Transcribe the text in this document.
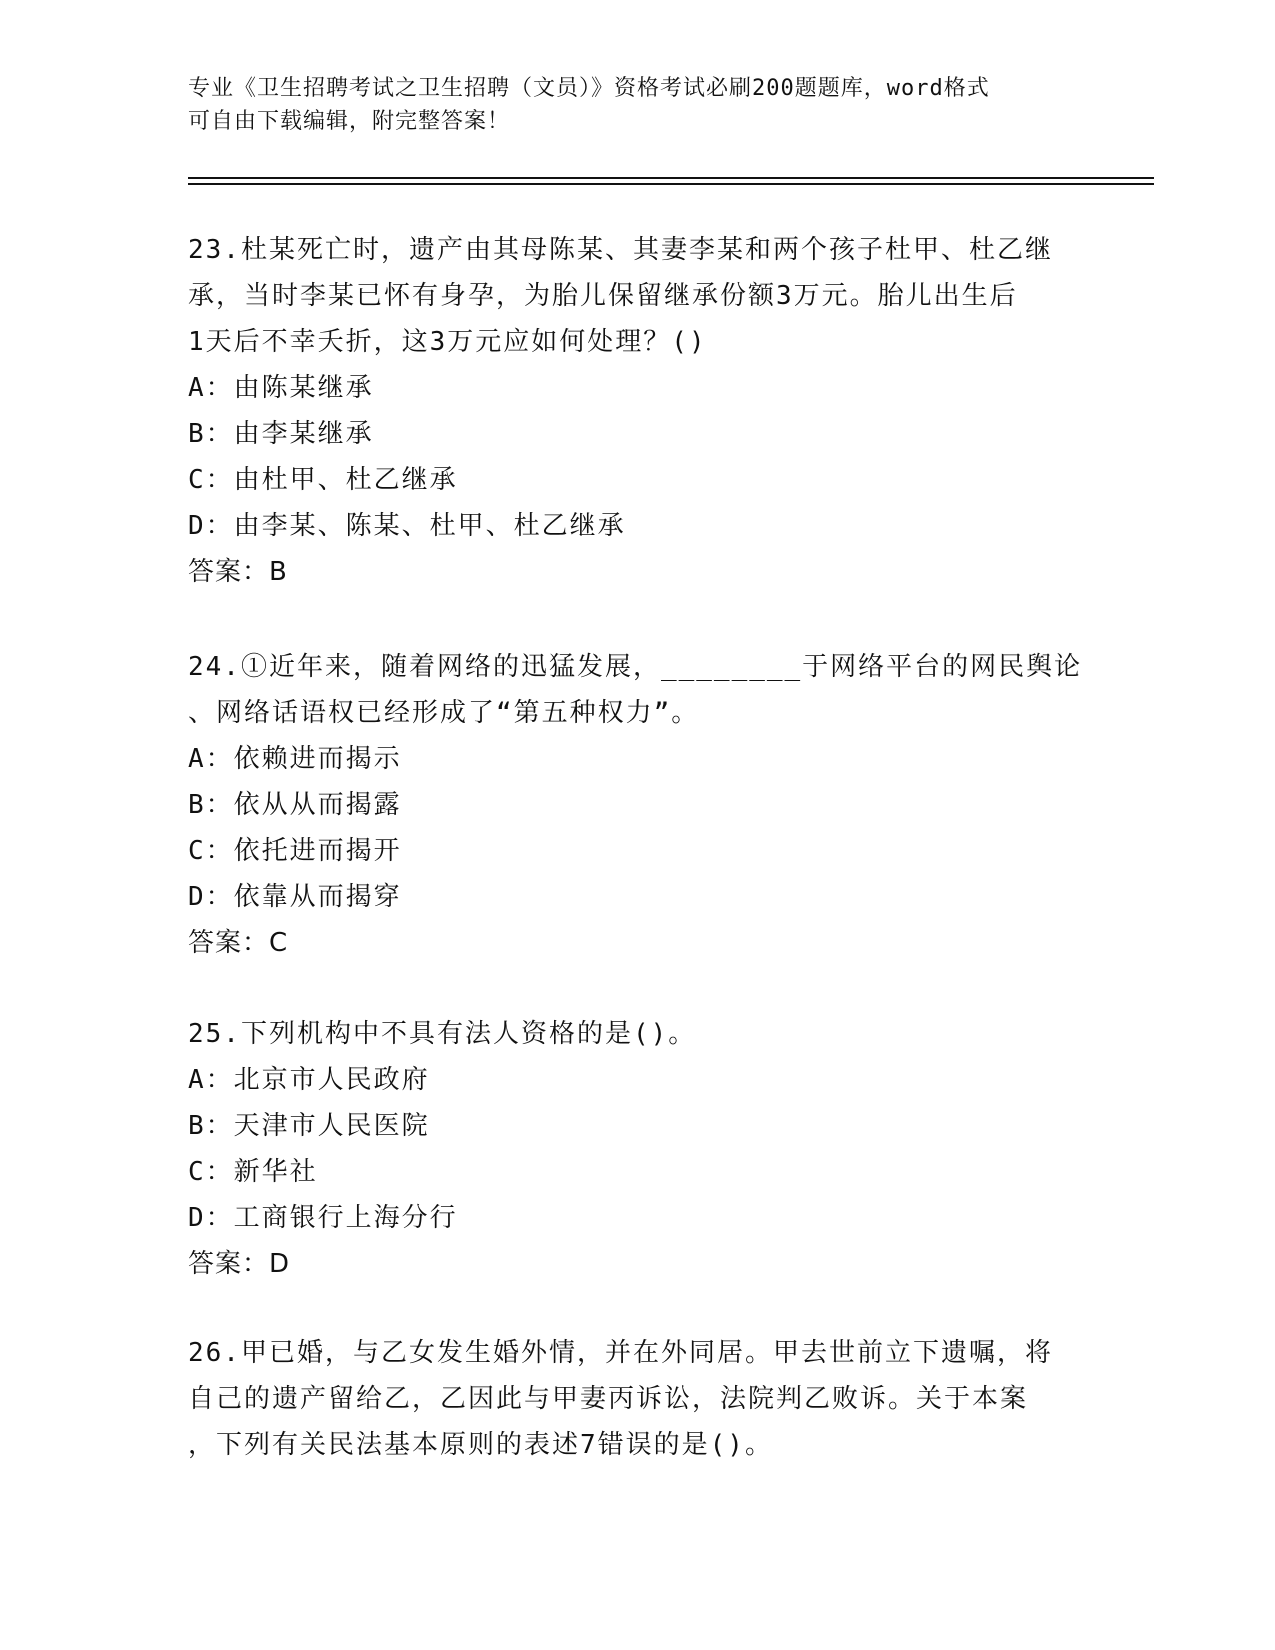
专业《卫生招聘考试之卫生招聘（文员）》资格考试必刷200题题库，word格式
可自由下载编辑，附完整答案！
23.杜某死亡时，遗产由其母陈某、其妻李某和两个孩子杜甲、杜乙继
承，当时李某已怀有身孕，为胎儿保留继承份额3万元。胎儿出生后
1天后不幸夭折，这3万元应如何处理？()
A：由陈某继承
B：由李某继承
C：由杜甲、杜乙继承
D：由李某、陈某、杜甲、杜乙继承
答案：B
24.①近年来，随着网络的迅猛发展，________于网络平台的网民舆论
、网络话语权已经形成了“第五种权力”。
A：依赖进而揭示
B：依从从而揭露
C：依托进而揭开
D：依靠从而揭穿
答案：C
25.下列机构中不具有法人资格的是()。
A：北京市人民政府
B：天津市人民医院
C：新华社
D：工商银行上海分行
答案：D
26.甲已婚，与乙女发生婚外情，并在外同居。甲去世前立下遗嘱，将
自己的遗产留给乙，乙因此与甲妻丙诉讼，法院判乙败诉。关于本案
，下列有关民法基本原则的表述7错误的是()。
